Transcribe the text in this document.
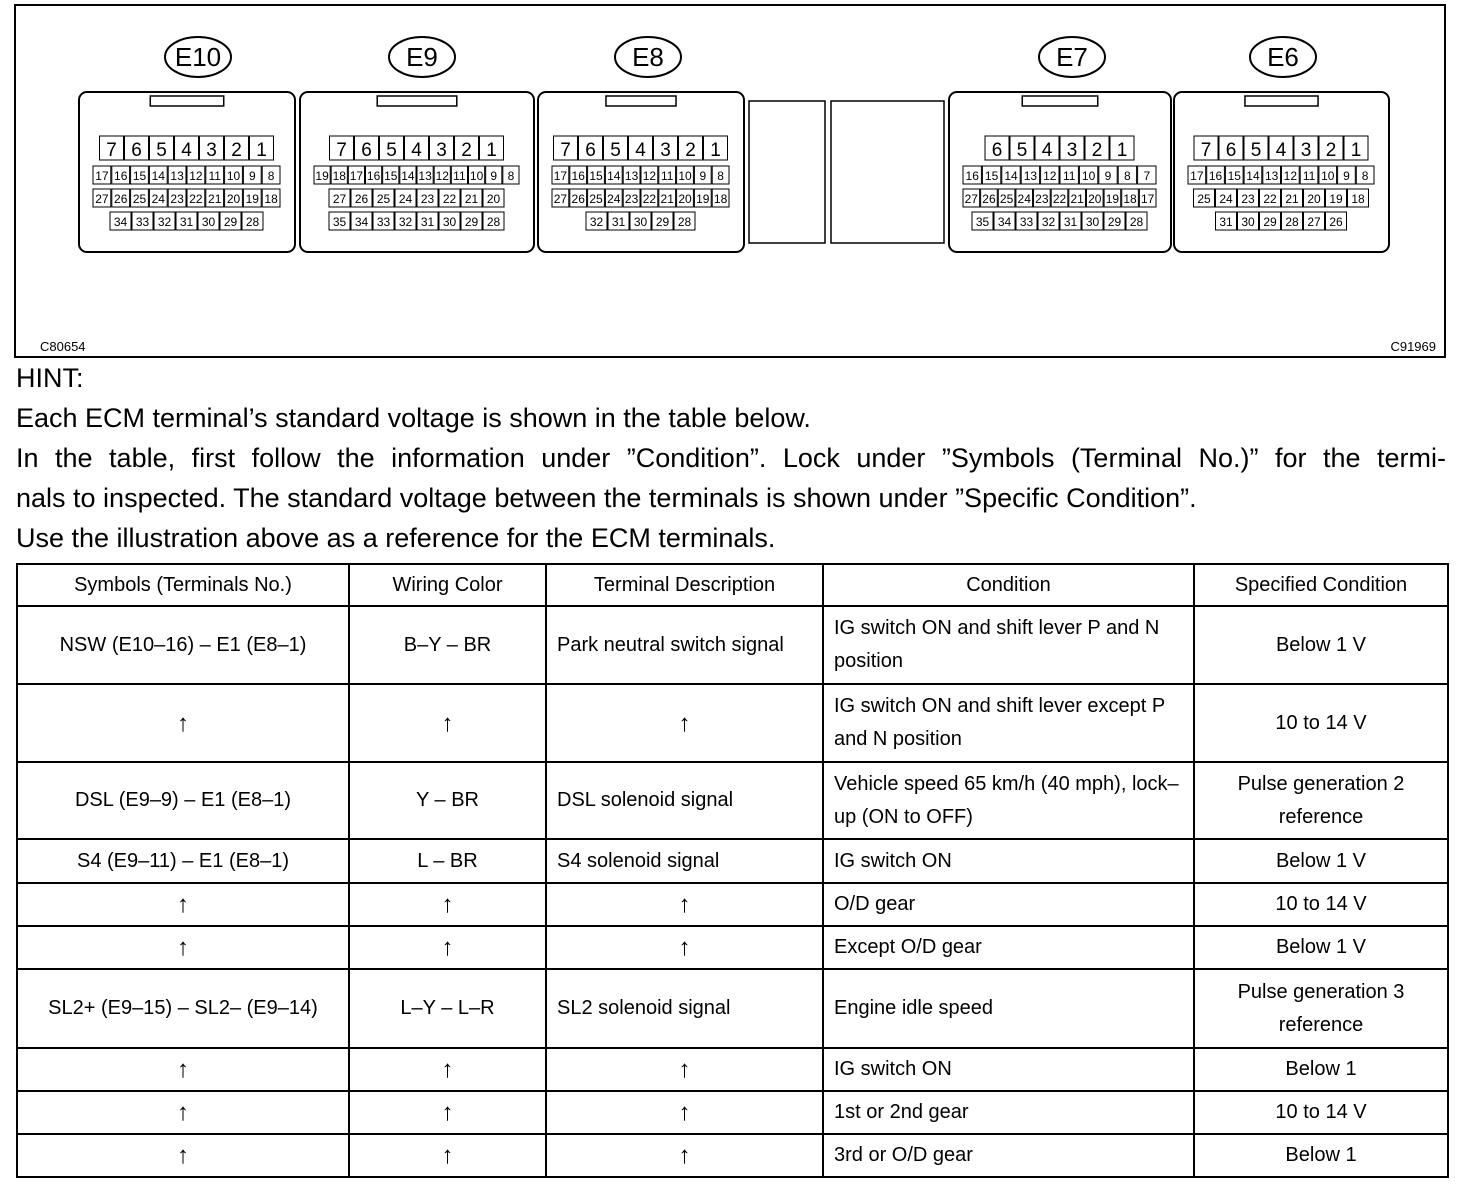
E10
7 6 5 4 3 2 1
17 16 15 14 13 12 11 10 9 8
27 26 25 24 23 22 21 20 19 18
34 33 32 31 30 29 28
E9
7 6 5 4 3 2 1
19 18 17 16 15 14 13 12 11 10 9 8
27 26 25 24 23 22 21 20
35 34 33 32 31 30 29 28
E8
7 6 5 4 3 2 1
17 16 15 14 13 12 11 10 9 8
27 26 25 24 23 22 21 20 19 18
32 31 30 29 28
E7
6 5 4 3 2 1
16 15 14 13 12 11 10 9 8 7
27 26 25 24 23 22 21 20 19 18 17
35 34 33 32 31 30 29 28
E6
7 6 5 4 3 2 1
17 16 15 14 13 12 11 10 9 8
25 24 23 22 21 20 19 18
31 30 29 28 27 26
C80654	C91969
HINT:
Each ECM terminal’s standard voltage is shown in the table below.
In the table, first follow the information under ”Condition”. Lock under ”Symbols (Terminal No.)” for the termi-
nals to inspected. The standard voltage between the terminals is shown under ”Specific Condition”.
Use the illustration above as a reference for the ECM terminals.
Symbols (Terminals No.)	Wiring Color	Terminal Description	Condition	Specified Condition
NSW (E10–16) – E1 (E8–1)	B–Y – BR	Park neutral switch signal	IG switch ON and shift lever P and N position	Below 1 V
↑	↑	↑	IG switch ON and shift lever except P and N position	10 to 14 V
DSL (E9–9) – E1 (E8–1)	Y – BR	DSL solenoid signal	Vehicle speed 65 km/h (40 mph), lock–up (ON to OFF)	Pulse generation 2 reference
S4 (E9–11) – E1 (E8–1)	L – BR	S4 solenoid signal	IG switch ON	Below 1 V
↑	↑	↑	O/D gear	10 to 14 V
↑	↑	↑	Except O/D gear	Below 1 V
SL2+ (E9–15) – SL2– (E9–14)	L–Y – L–R	SL2 solenoid signal	Engine idle speed	Pulse generation 3 reference
↑	↑	↑	IG switch ON	Below 1
↑	↑	↑	1st or 2nd gear	10 to 14 V
↑	↑	↑	3rd or O/D gear	Below 1
